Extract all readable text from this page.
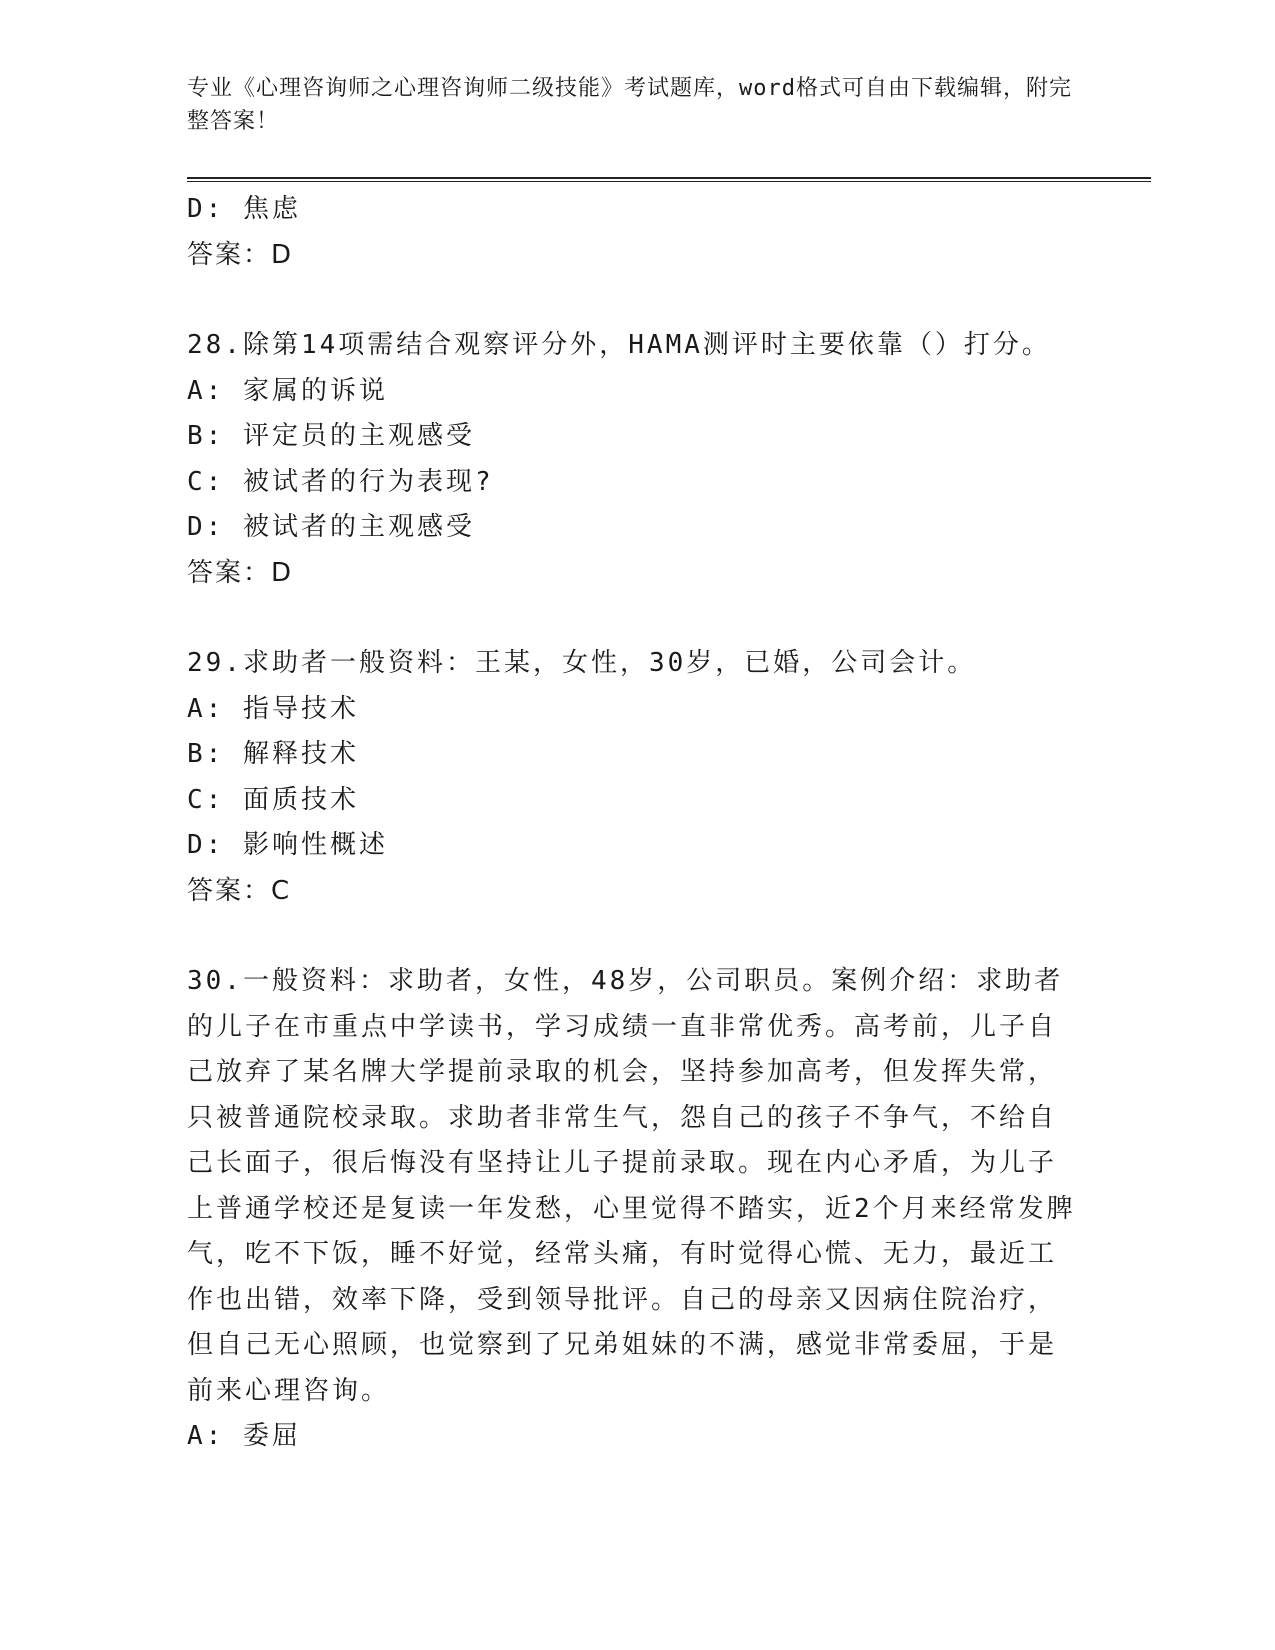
专业《心理咨询师之心理咨询师二级技能》考试题库，word格式可自由下载编辑，附完整答案！

D: 焦虑

答案：D

28.除第14项需结合观察评分外，HAMA测评时主要依靠（）打分。

A: 家属的诉说

B: 评定员的主观感受

C: 被试者的行为表现?

D: 被试者的主观感受

答案：D

29.求助者一般资料：王某，女性，30岁，已婚，公司会计。

A: 指导技术

B: 解释技术

C: 面质技术

D: 影响性概述

答案：C

30.一般资料：求助者，女性，48岁，公司职员。案例介绍：求助者的儿子在市重点中学读书，学习成绩一直非常优秀。高考前，儿子自己放弃了某名牌大学提前录取的机会，坚持参加高考，但发挥失常，只被普通院校录取。求助者非常生气，怨自己的孩子不争气，不给自己长面子，很后悔没有坚持让儿子提前录取。现在内心矛盾，为儿子上普通学校还是复读一年发愁，心里觉得不踏实，近2个月来经常发脾气，吃不下饭，睡不好觉，经常头痛，有时觉得心慌、无力，最近工作也出错，效率下降，受到领导批评。自己的母亲又因病住院治疗，但自己无心照顾，也觉察到了兄弟姐妹的不满，感觉非常委屈，于是前来心理咨询。

A: 委屈
